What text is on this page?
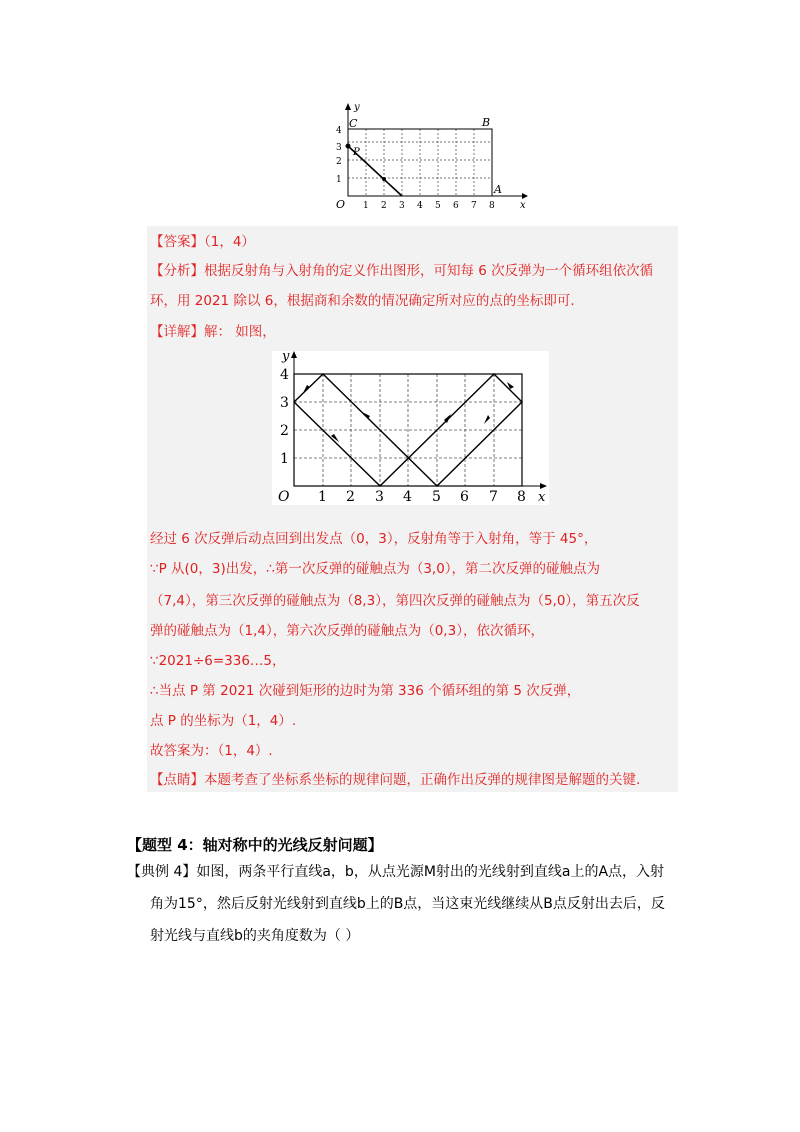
y
x
O 1 2 3 4 5 6 7 8
1
2
3
4
C	B
P
A
【答案】（1，4）
【分析】根据反射角与入射角的定义作出图形，可知每 6 次反弹为一个循环组依次循
环，用 2021 除以 6，根据商和余数的情况确定所对应的点的坐标即可.
【详解】解： 如图，
y
x
O 1 2 3 4 5 6 7 8
1
2
3
4
经过 6 次反弹后动点回到出发点（0，3），反射角等于入射角，等于 45°，
∵P 从(0，3)出发，∴第一次反弹的碰触点为（3,0），第二次反弹的碰触点为
（7,4），第三次反弹的碰触点为（8,3），第四次反弹的碰触点为（5,0），第五次反
弹的碰触点为（1,4），第六次反弹的碰触点为（0,3），依次循环，
∵2021÷6=336…5，
∴当点 P 第 2021 次碰到矩形的边时为第 336 个循环组的第 5 次反弹，
点 P 的坐标为（1，4）.
故答案为：（1，4）.
【点睛】本题考查了坐标系坐标的规律问题，正确作出反弹的规律图是解题的关键.
【题型 4：轴对称中的光线反射问题】
【典例 4】如图，两条平行直线a，b，从点光源M射出的光线射到直线a上的A点，入射
角为15°，然后反射光线射到直线b上的B点，当这束光线继续从B点反射出去后，反
射光线与直线b的夹角度数为（ ）
